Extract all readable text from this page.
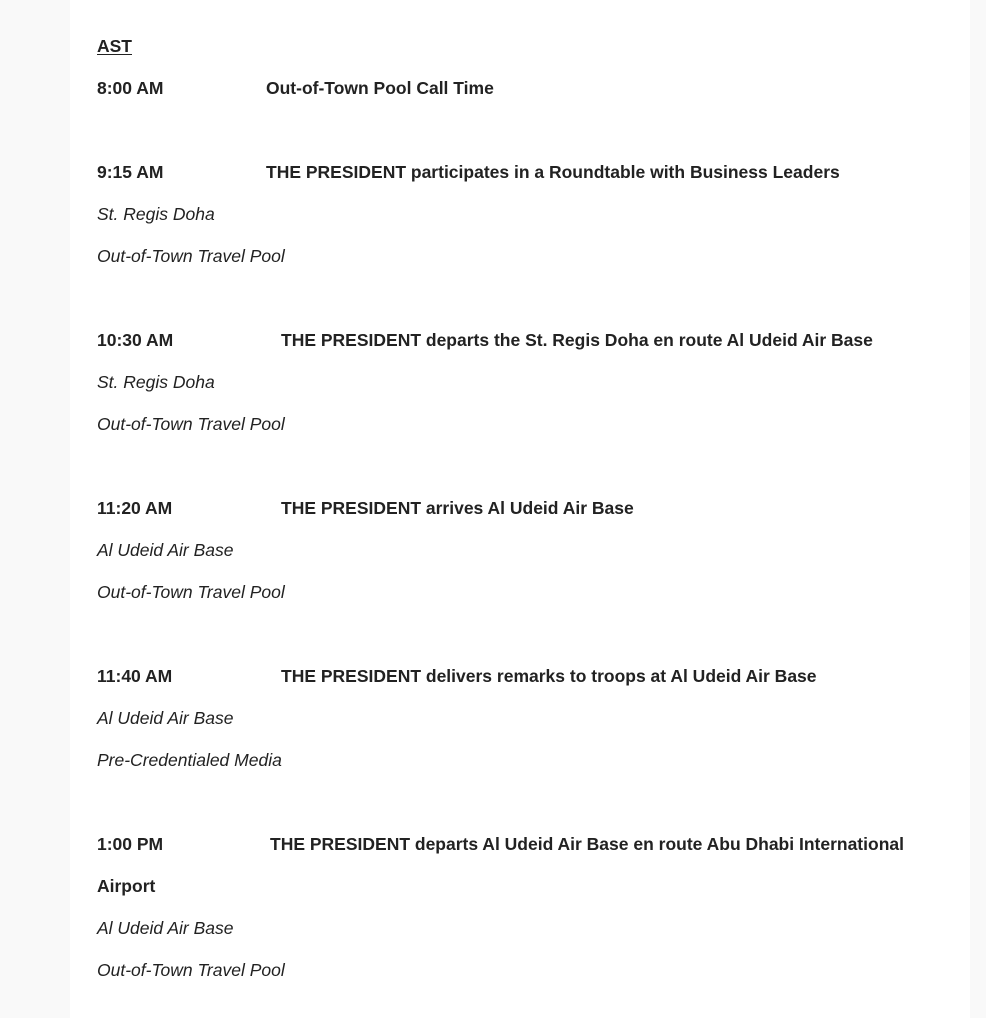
AST
8:00 AM	Out-of-Town Pool Call Time
9:15 AM	THE PRESIDENT participates in a Roundtable with Business Leaders
St. Regis Doha
Out-of-Town Travel Pool
10:30 AM	THE PRESIDENT departs the St. Regis Doha en route Al Udeid Air Base
St. Regis Doha
Out-of-Town Travel Pool
11:20 AM	THE PRESIDENT arrives Al Udeid Air Base
Al Udeid Air Base
Out-of-Town Travel Pool
11:40 AM	THE PRESIDENT delivers remarks to troops at Al Udeid Air Base
Al Udeid Air Base
Pre-Credentialed Media
1:00 PM	THE PRESIDENT departs Al Udeid Air Base en route Abu Dhabi International
Airport
Al Udeid Air Base
Out-of-Town Travel Pool
